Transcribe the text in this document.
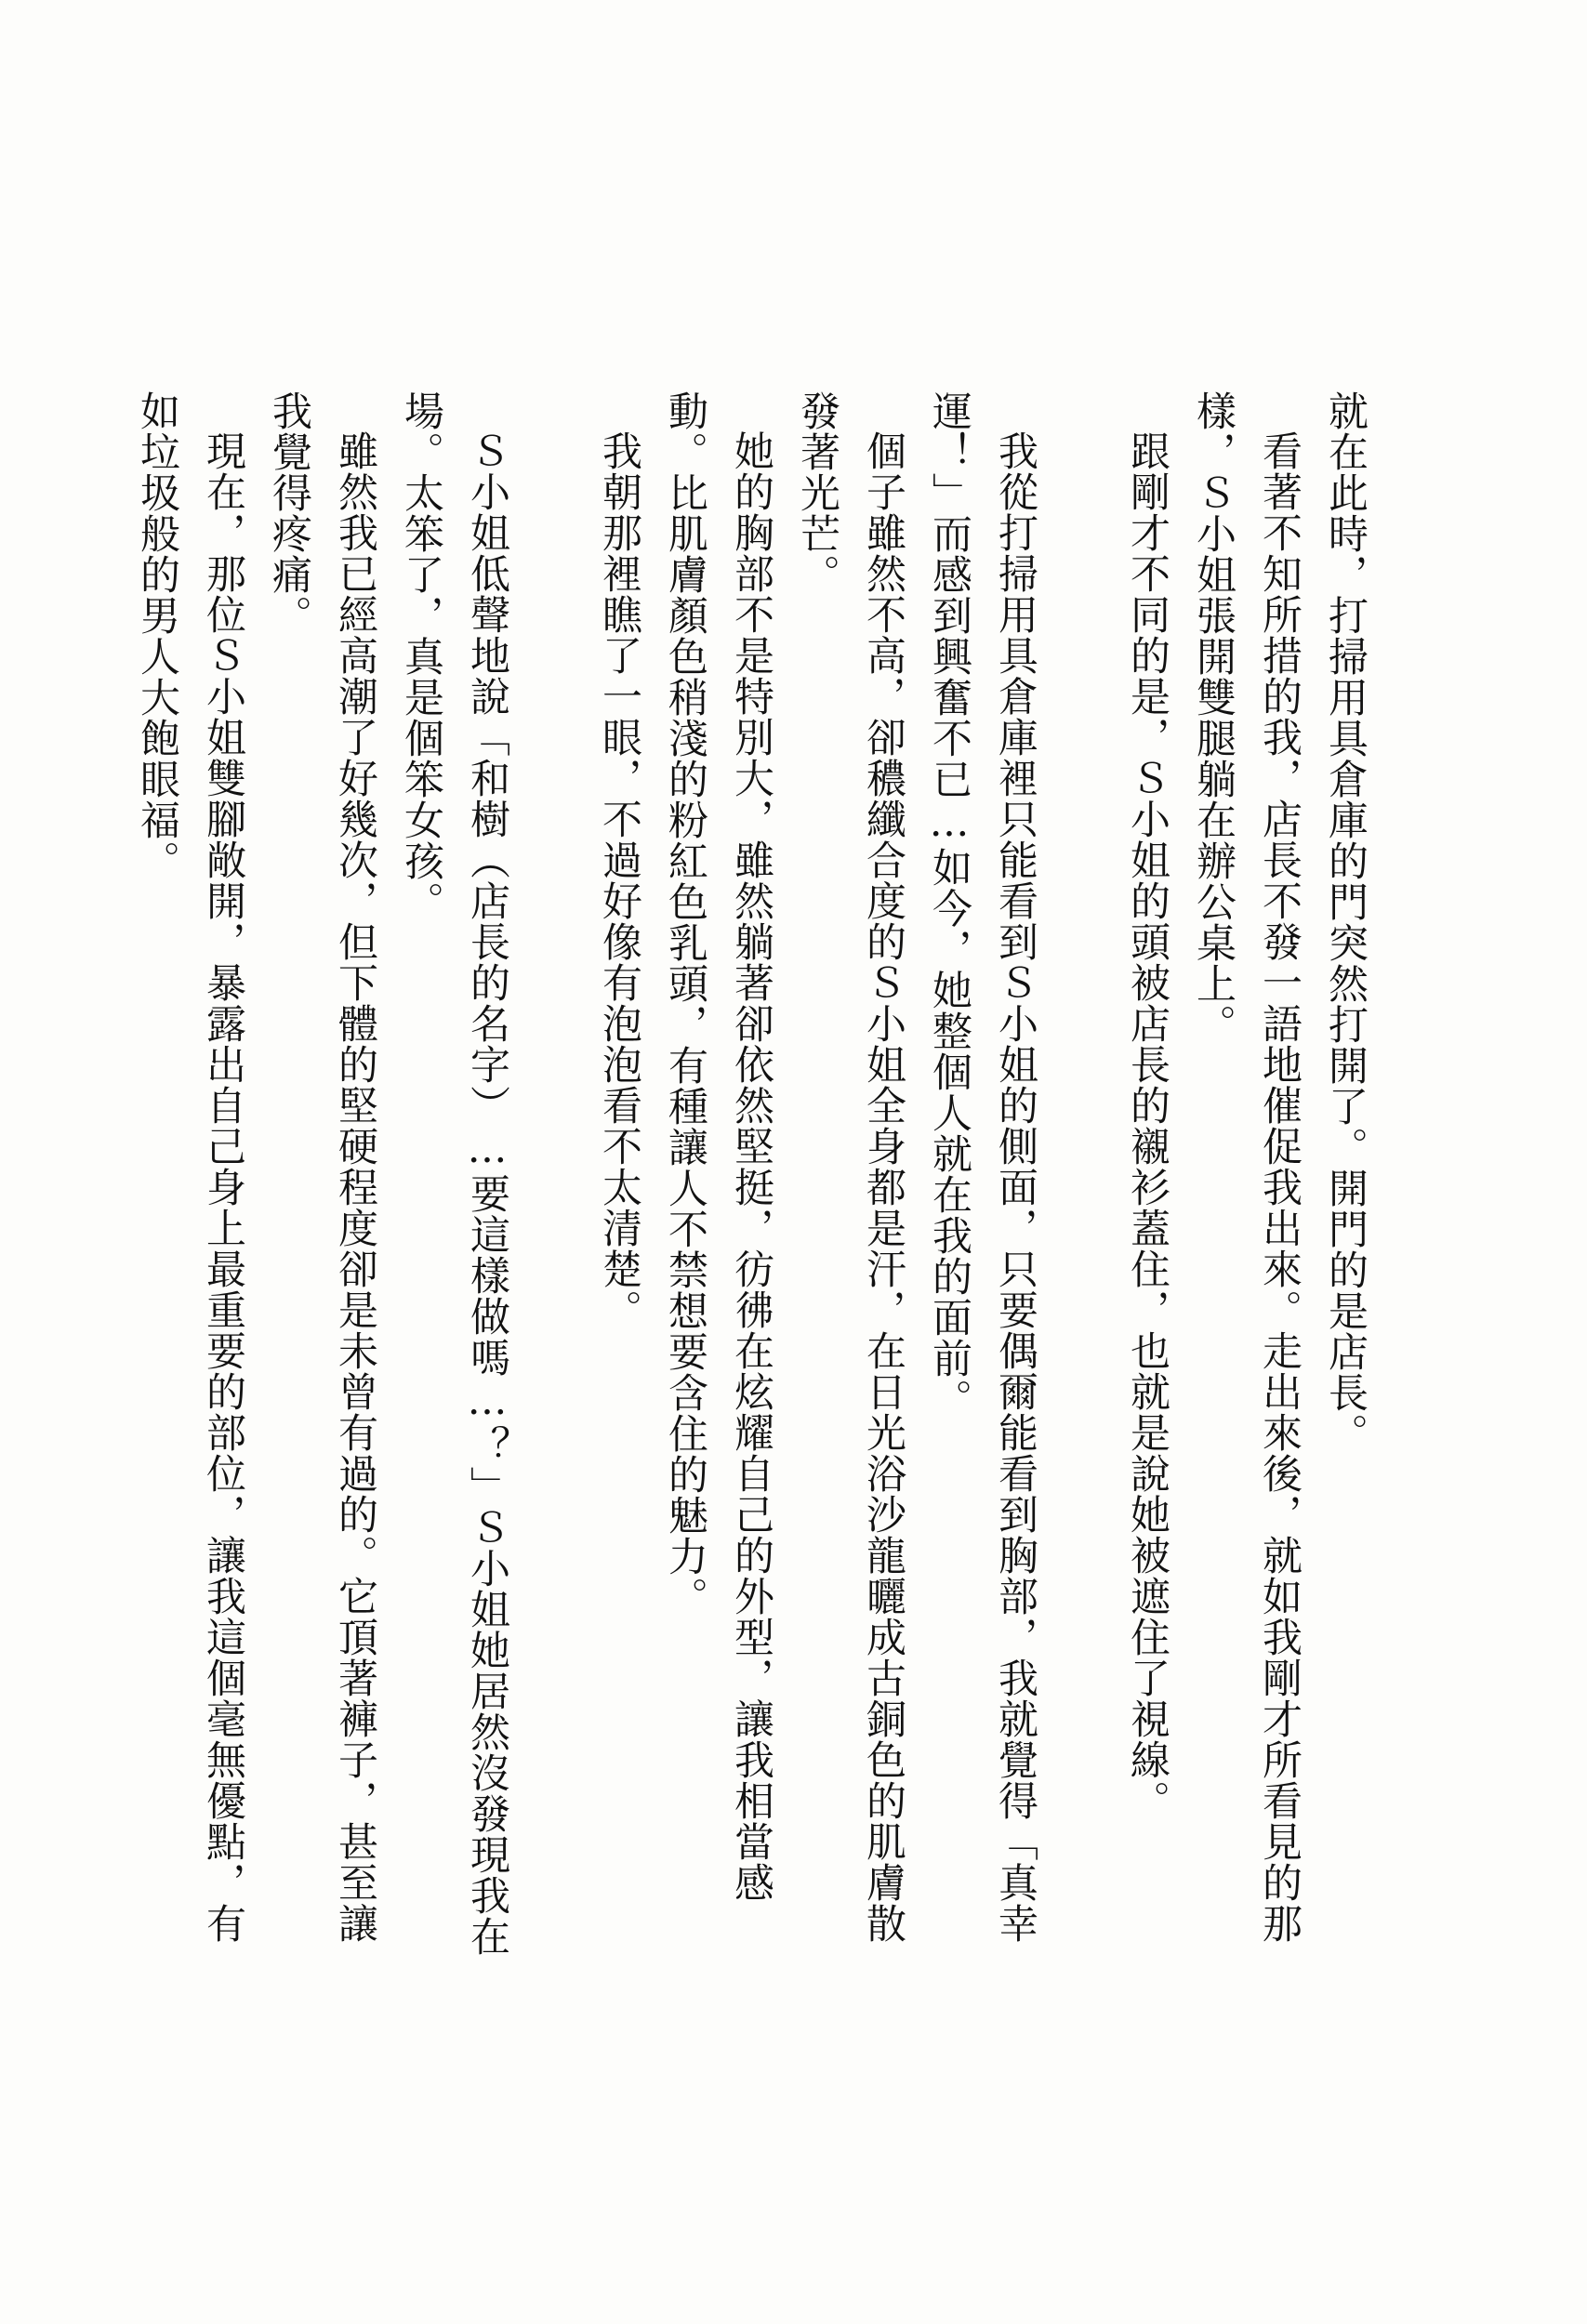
就在此時，打掃用具倉庫的門突然打開了。開門的是店長。

看著不知所措的我，店長不發一語地催促我出來。走出來後，就如我剛才所看見的那樣，Ｓ小姐張開雙腿躺在辦公桌上。

跟剛才不同的是，Ｓ小姐的頭被店長的襯衫蓋住，也就是說她被遮住了視線。

我從打掃用具倉庫裡只能看到Ｓ小姐的側面，只要偶爾能看到胸部，我就覺得「真幸運！」而感到興奮不已…如今，她整個人就在我的面前。

個子雖然不高，卻穠纖合度的Ｓ小姐全身都是汗，在日光浴沙龍曬成古銅色的肌膚散發著光芒。

她的胸部不是特別大，雖然躺著卻依然堅挺，彷彿在炫耀自己的外型，讓我相當感動。比肌膚顏色稍淺的粉紅色乳頭，有種讓人不禁想要含住的魅力。

我朝那裡瞧了一眼，不過好像有泡泡看不太清楚。

Ｓ小姐低聲地說「和樹（店長的名字）…要這樣做嗎…？」Ｓ小姐她居然沒發現我在場。太笨了，真是個笨女孩。

雖然我已經高潮了好幾次，但下體的堅硬程度卻是未曾有過的。它頂著褲子，甚至讓我覺得疼痛。

現在，那位Ｓ小姐雙腳敞開，暴露出自己身上最重要的部位，讓我這個毫無優點，有如垃圾般的男人大飽眼福。
